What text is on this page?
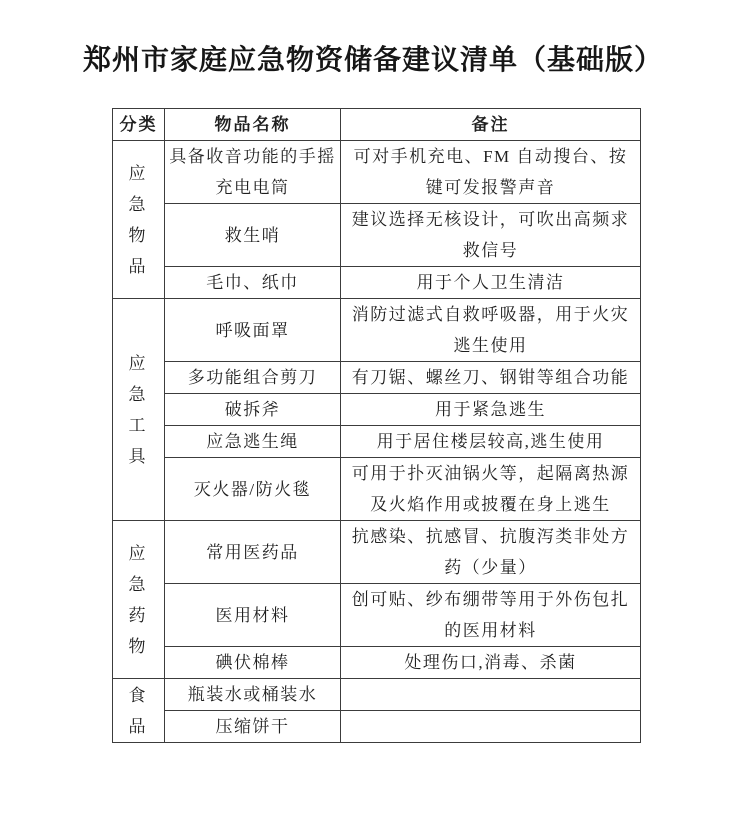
郑州市家庭应急物资储备建议清单（基础版）
分类	物品名称	备注
应急物品	具备收音功能的手摇充电电筒	可对手机充电、FM 自动搜台、按键可发报警声音
	救生哨	建议选择无核设计，可吹出高频求救信号
	毛巾、纸巾	用于个人卫生清洁
应急工具	呼吸面罩	消防过滤式自救呼吸器，用于火灾逃生使用
	多功能组合剪刀	有刀锯、螺丝刀、钢钳等组合功能
	破拆斧	用于紧急逃生
	应急逃生绳	用于居住楼层较高,逃生使用
	灭火器/防火毯	可用于扑灭油锅火等，起隔离热源及火焰作用或披覆在身上逃生
应急药物	常用医药品	抗感染、抗感冒、抗腹泻类非处方药（少量）
	医用材料	创可贴、纱布绷带等用于外伤包扎的医用材料
	碘伏棉棒	处理伤口,消毒、杀菌
食品	瓶装水或桶装水	
	压缩饼干	
